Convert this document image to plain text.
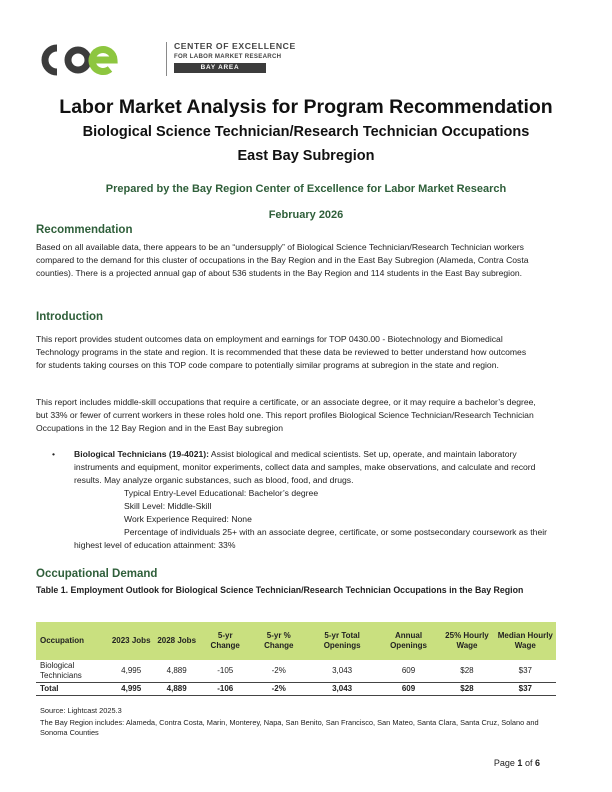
CENTER OF EXCELLENCE
FOR LABOR MARKET RESEARCH
BAY AREA
Labor Market Analysis for Program Recommendation
Biological Science Technician/Research Technician Occupations
East Bay Subregion
Prepared by the Bay Region Center of Excellence for Labor Market Research
February 2026
Recommendation
Based on all available data, there appears to be an “undersupply” of Biological Science Technician/Research Technician workers compared to the demand for this cluster of occupations in the Bay Region and in the East Bay Subregion (Alameda, Contra Costa counties). There is a projected annual gap of about 536 students in the Bay Region and 114 students in the East Bay subregion.
Introduction
This report provides student outcomes data on employment and earnings for TOP 0430.00 - Biotechnology and Biomedical Technology programs in the state and region. It is recommended that these data be reviewed to better understand how outcomes for students taking courses on this TOP code compare to potentially similar programs at subregion in the state and region.
This report includes middle-skill occupations that require a certificate, or an associate degree, or it may require a bachelor’s degree, but 33% or fewer of current workers in these roles hold one. This report profiles Biological Science Technician/Research Technician Occupations in the 12 Bay Region and in the East Bay subregion
• Biological Technicians (19-4021): Assist biological and medical scientists. Set up, operate, and maintain laboratory instruments and equipment, monitor experiments, collect data and samples, make observations, and calculate and record results. May analyze organic substances, such as blood, food, and drugs.
Typical Entry-Level Educational: Bachelor’s degree
Skill Level: Middle-Skill
Work Experience Required: None
Percentage of individuals 25+ with an associate degree, certificate, or some postsecondary coursework as their highest level of education attainment: 33%
Occupational Demand
Table 1. Employment Outlook for Biological Science Technician/Research Technician Occupations in the Bay Region
Occupation	2023 Jobs	2028 Jobs	5-yr Change	5-yr % Change	5-yr Total Openings	Annual Openings	25% Hourly Wage	Median Hourly Wage
Biological Technicians	4,995	4,889	-105	-2%	3,043	609	$28	$37
Total	4,995	4,889	-106	-2%	3,043	609	$28	$37
Source: Lightcast 2025.3
The Bay Region includes: Alameda, Contra Costa, Marin, Monterey, Napa, San Benito, San Francisco, San Mateo, Santa Clara, Santa Cruz, Solano and Sonoma Counties
Page 1 of 6
